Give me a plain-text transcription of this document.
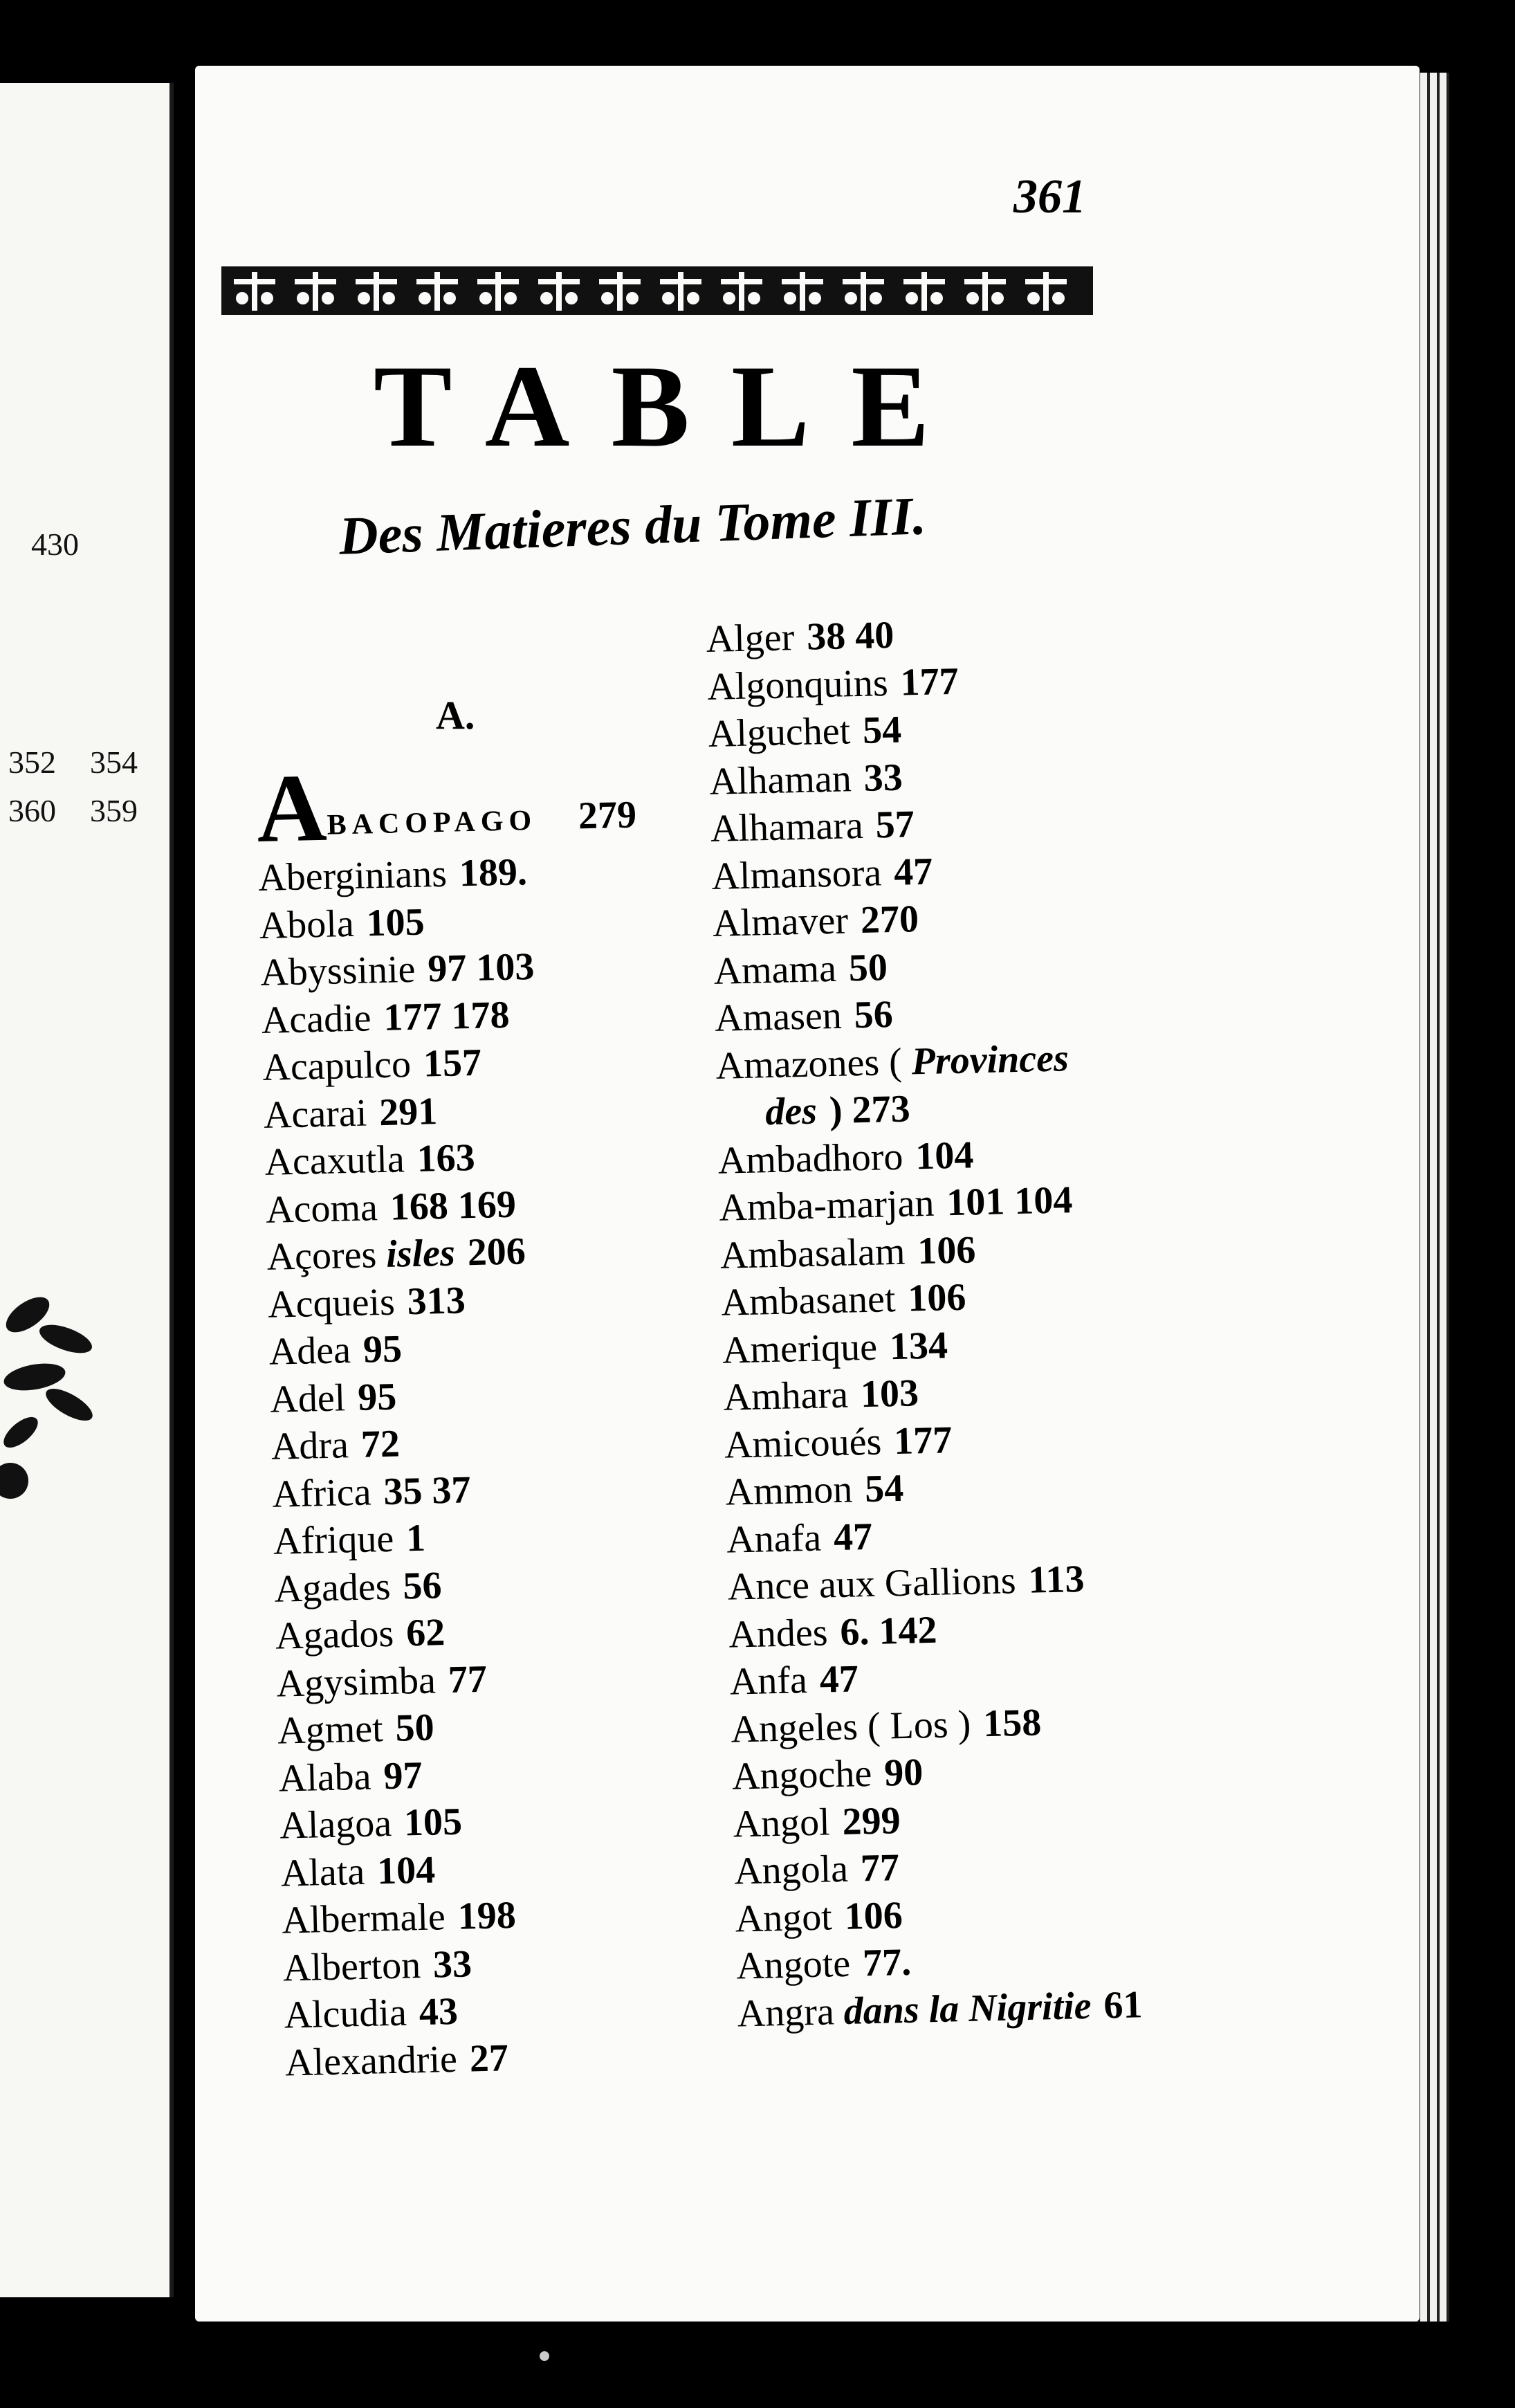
430
352 354
360 359
361
TABLE
Des Matieres du Tome III.
A.
ABACOPAGO 279
Aberginians 189.
Abola 105
Abyssinie 97 103
Acadie 177 178
Acapulco 157
Acarai 291
Acaxutla 163
Acoma 168 169
Açores isles 206
Acqueis 313
Adea 95
Adel 95
Adra 72
Africa 35 37
Afrique 1
Agades 56
Agados 62
Agysimba 77
Agmet 50
Alaba 97
Alagoa 105
Alata 104
Albermale 198
Alberton 33
Alcudia 43
Alexandrie 27
Alger 38 40
Algonquins 177
Alguchet 54
Alhaman 33
Alhamara 57
Almansora 47
Almaver 270
Amama 50
Amasen 56
Amazones ( Provinces
des ) 273
Ambadhoro 104
Amba-marjan 101 104
Ambasalam 106
Ambasanet 106
Amerique 134
Amhara 103
Amicoués 177
Ammon 54
Anafa 47
Ance aux Gallions 113
Andes 6. 142
Anfa 47
Angeles ( Los ) 158
Angoche 90
Angol 299
Angola 77
Angot 106
Angote 77.
Angra dans la Nigritie 61
